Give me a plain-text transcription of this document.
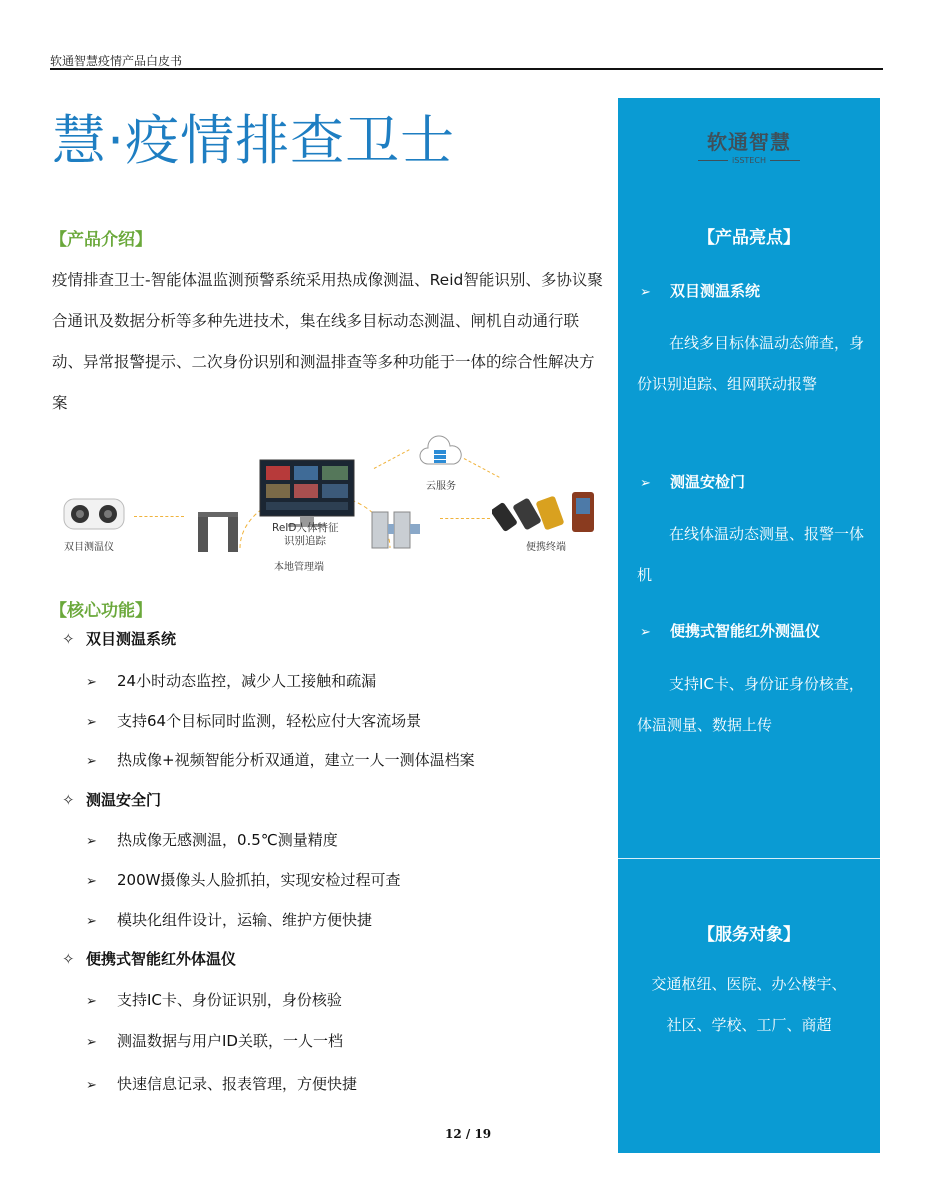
软通智慧疫情产品白皮书
慧·疫情排查卫士
【产品介绍】
疫情排查卫士-智能体温监测预警系统采用热成像测温、Reid智能识别、多协议聚合通讯及数据分析等多种先进技术，集在线多目标动态测温、闸机自动通行联动、异常报警提示、二次身份识别和测温排查等多种功能于一体的综合性解决方案
双目测温仪
ReID人体特征
识别追踪
本地管理端
云服务
便携终端
【核心功能】
✧ 双目测温系统
➢ 24小时动态监控，减少人工接触和疏漏
➢ 支持64个目标同时监测，轻松应付大客流场景
➢ 热成像+视频智能分析双通道，建立一人一测体温档案
✧ 测温安全门
➢ 热成像无感测温，0.5℃测量精度
➢ 200W摄像头人脸抓拍，实现安检过程可查
➢ 模块化组件设计，运输、维护方便快捷
✧ 便携式智能红外体温仪
➢ 支持IC卡、身份证识别，身份核验
➢ 测温数据与用户ID关联，一人一档
➢ 快速信息记录、报表管理，方便快捷
12 / 19
软通智慧
iSSTECH
【产品亮点】
➢ 双目测温系统
在线多目标体温动态筛查，身份识别追踪、组网联动报警
➢ 测温安检门
在线体温动态测量、报警一体机
➢ 便携式智能红外测温仪
支持IC卡、身份证身份核查，体温测量、数据上传
【服务对象】
交通枢纽、医院、办公楼宇、
社区、学校、工厂、商超
